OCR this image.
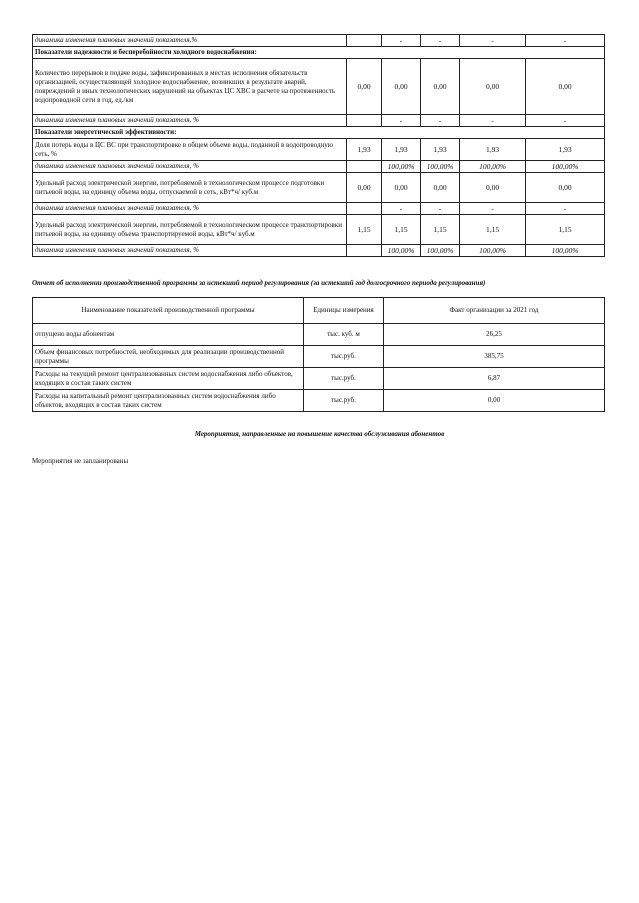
динамика изменения плановых значений показателя,%		-	-	-	-
Показатели надежности и бесперебойности холодного водоснабжения:					
Количество перерывов в подаче воды, зафиксированных в местах исполнения обязательств организацией, осуществляющей холодное водоснабжение, возникших в результате аварий, повреждений и иных технологических нарушений на объектах ЦС ХВС в расчете на протяженность водопроводной сети в год, ед./км	0,00	0,00	0,00	0,00	0,00
динамика изменения плановых значений показателя, %		-	-	-	-
Показатели энергетической эффективности:					
Доля потерь воды в ЦС ВС при транспортировке в общем объеме воды, поданной в водопроводную сеть, %	1,93	1,93	1,93	1,93	1,93
динамика изменения плановых значений показателя, %		100,00%	100,00%	100,00%	100,00%
Удельный расход электрической энергии, потребляемой в технологическом процессе подготовки питьевой воды, на единицу объема воды, отпускаемой в сеть, кВт*ч/ куб.м	0,00	0,00	0,00	0,00	0,00
динамика изменения плановых значений показателя, %		-	-	-	-
Удельный расход электрической энергии, потребляемой в технологическом процессе транспортировки питьевой воды, на единицу объема транспортируемой воды, кВт*ч/ куб.м	1,15	1,15	1,15	1,15	1,15
динамика изменения плановых значений показателя, %		100,00%	100,00%	100,00%	100,00%
Отчет об исполнении производственной программы за истекший период регулирования (за истекший год долгосрочного периода регулирования)
Наименование показателей производственной программы	Единицы измерения	Факт организации за 2021 год
отпущено воды абонентам	тыс. куб. м	26,25
Объем финансовых потребностей, необходимых для реализации производственной программы	тыс.руб.	385,75
Расходы на текущий ремонт централизованных систем водоснабжения либо объектов, входящих в состав таких систем	тыс.руб.	6,87
Расходы на капитальный ремонт централизованных систем водоснабжения либо объектов, входящих в состав таких систем	тыс.руб.	0,00
Мероприятия, направленные на повышение качества обслуживания абонентов
Мероприятия не запланированы
